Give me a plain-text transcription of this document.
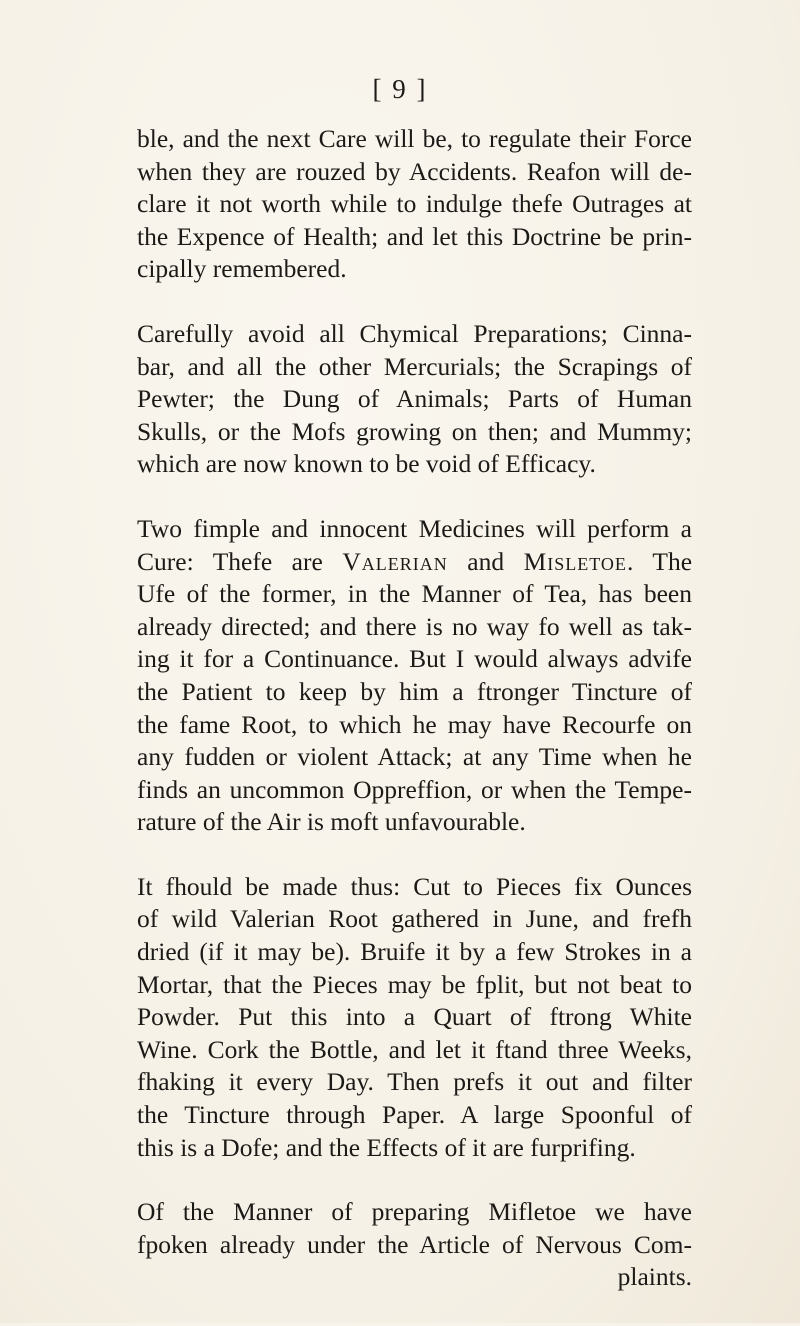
[ 9 ]

ble, and the next Care will be, to regulate their Force
when they are rouzed by Accidents. Reafon will de-
clare it not worth while to indulge thefe Outrages at
the Expence of Health; and let this Doctrine be prin-
cipally remembered.

Carefully avoid all Chymical Preparations; Cinna-
bar, and all the other Mercurials; the Scrapings of
Pewter; the Dung of Animals; Parts of Human
Skulls, or the Mofs growing on then; and Mummy;
which are now known to be void of Efficacy.

Two fimple and innocent Medicines will perform a
Cure: Thefe are Valerian and Misletoe. The
Ufe of the former, in the Manner of Tea, has been
already directed; and there is no way fo well as tak-
ing it for a Continuance. But I would always advife
the Patient to keep by him a ftronger Tincture of
the fame Root, to which he may have Recourfe on
any fudden or violent Attack; at any Time when he
finds an uncommon Oppreffion, or when the Tempe-
rature of the Air is moft unfavourable.

It fhould be made thus: Cut to Pieces fix Ounces
of wild Valerian Root gathered in June, and frefh
dried (if it may be). Bruife it by a few Strokes in a
Mortar, that the Pieces may be fplit, but not beat to
Powder. Put this into a Quart of ftrong White
Wine. Cork the Bottle, and let it ftand three Weeks,
fhaking it every Day. Then prefs it out and filter
the Tincture through Paper. A large Spoonful of
this is a Dofe; and the Effects of it are furprifing.

Of the Manner of preparing Mifletoe we have
fpoken already under the Article of Nervous Com-
plaints.
